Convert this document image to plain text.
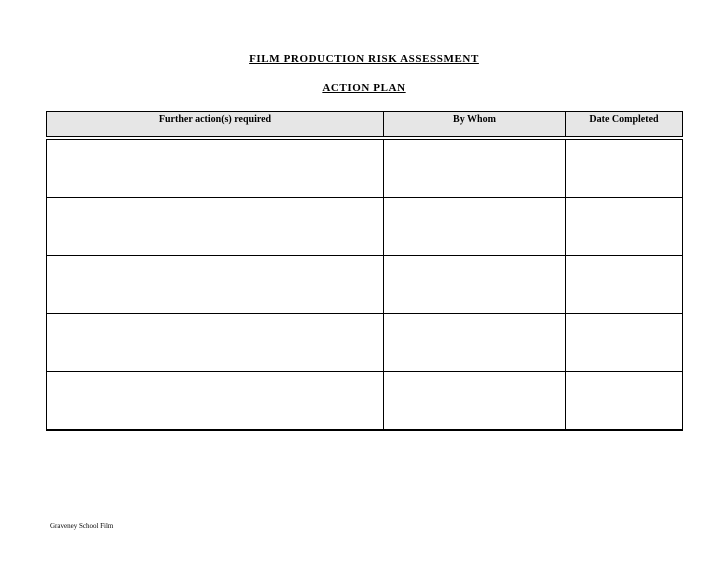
FILM PRODUCTION RISK ASSESSMENT
ACTION PLAN
Further action(s) required	By Whom	Date Completed

Graveney School Film
